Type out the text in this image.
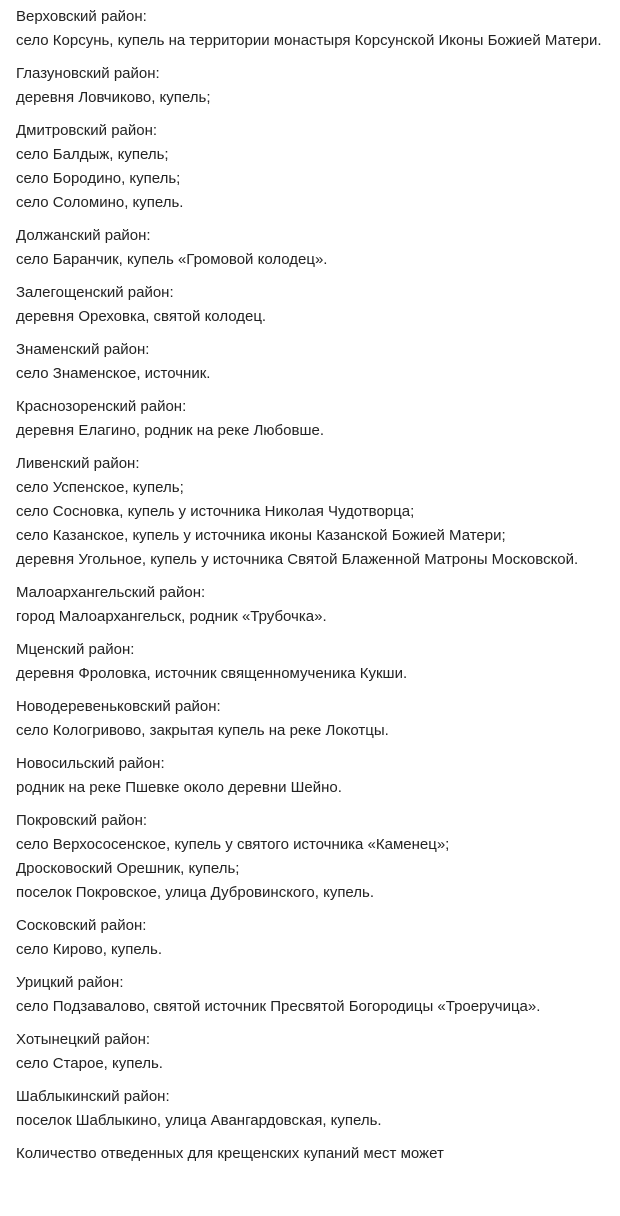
Верховский район:
село Корсунь, купель на территории монастыря Корсунской Иконы Божией Матери.
Глазуновский район:
деревня Ловчиково, купель;
Дмитровский район:
село Балдыж, купель;
село Бородино, купель;
село Соломино, купель.
Должанский район:
село Баранчик, купель «Громовой колодец».
Залегощенский район:
деревня Ореховка, святой колодец.
Знаменский район:
село Знаменское, источник.
Краснозоренский район:
деревня Елагино, родник на реке Любовше.
Ливенский район:
село Успенское, купель;
село Сосновка, купель у источника Николая Чудотворца;
село Казанское, купель у источника иконы Казанской Божией Матери;
деревня Угольное, купель у источника Святой Блаженной Матроны Московской.
Малоархангельский район:
город Малоархангельск, родник «Трубочка».
Мценский район:
деревня Фроловка, источник священномученика Кукши.
Новодеревеньковский район:
село Кологривово, закрытая купель на реке Локотцы.
Новосильский район:
родник на реке Пшевке около деревни Шейно.
Покровский район:
село Верхососенское, купель у святого источника «Каменец»;
Дросковоский Орешник, купель;
поселок Покровское, улица Дубровинского, купель.
Сосковский район:
село Кирово, купель.
Урицкий район:
село Подзавалово, святой источник Пресвятой Богородицы «Троеручица».
Хотынецкий район:
село Старое, купель.
Шаблыкинский район:
поселок Шаблыкино, улица Авангардовская, купель.
Количество отведенных для крещенских купаний мест может
